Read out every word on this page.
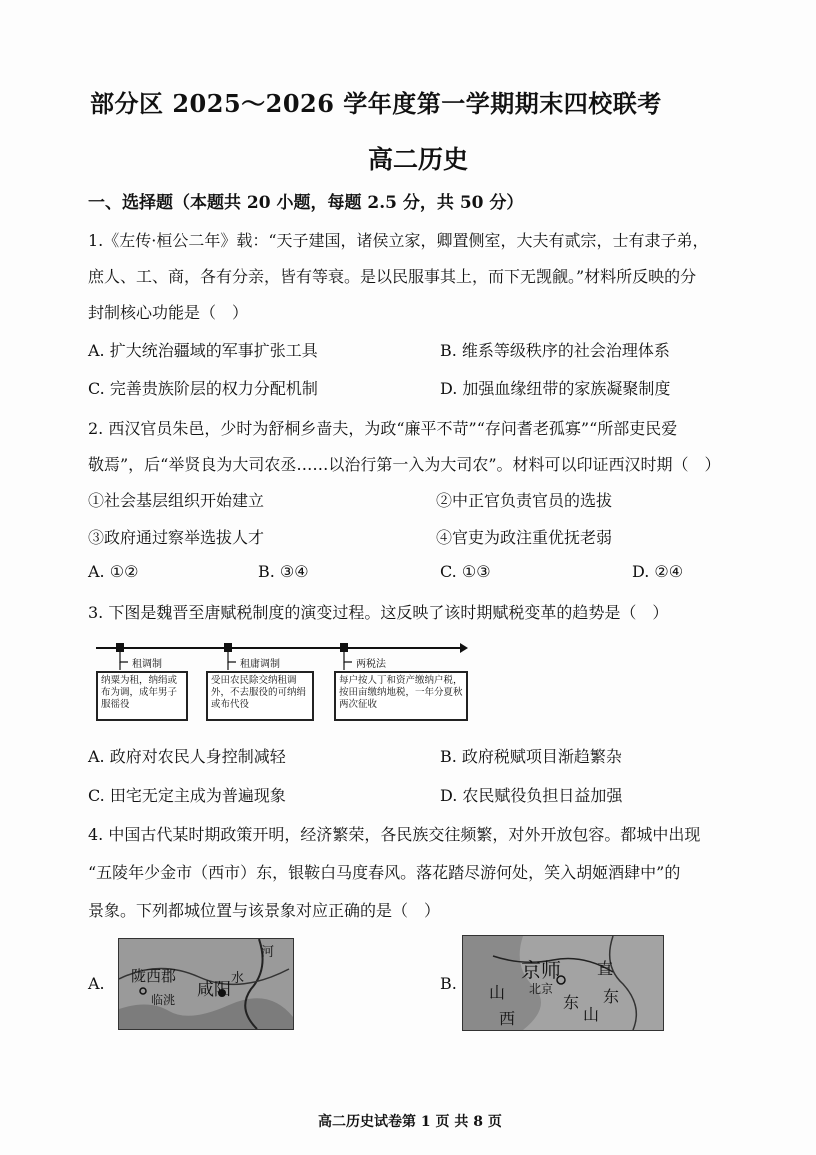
部分区 2025～2026 学年度第一学期期末四校联考
高二历史
一、选择题（本题共 20 小题，每题 2.5 分，共 50 分）
1.《左传·桓公二年》载：“天子建国，诸侯立家，卿置侧室，大夫有贰宗，士有隶子弟，
庶人、工、商，各有分亲，皆有等衰。是以民服事其上，而下无觊觎。”材料所反映的分
封制核心功能是（　）
A. 扩大统治疆域的军事扩张工具	B. 维系等级秩序的社会治理体系
C. 完善贵族阶层的权力分配机制	D. 加强血缘纽带的家族凝聚制度
2. 西汉官员朱邑，少时为舒桐乡啬夫，为政“廉平不苛”“存问耆老孤寡”“所部吏民爱
敬焉”，后“举贤良为大司农丞……以治行第一入为大司农”。材料可以印证西汉时期（　）
①社会基层组织开始建立	②中正官负责官员的选拔
③政府通过察举选拔人才	④官吏为政注重优抚老弱
A. ①②	B. ③④	C. ①③	D. ②④
3. 下图是魏晋至唐赋税制度的演变过程。这反映了该时期赋税变革的趋势是（　）
租调制	租庸调制	两税法
纳粟为租，纳绢或布为调，成年男子服徭役
受田农民除交纳租调外，不去服役的可纳绢或布代役
每户按人丁和资产缴纳户税，按田亩缴纳地税，一年分夏秋两次征收
A. 政府对农民人身控制减轻	B. 政府税赋项目渐趋繁杂
C. 田宅无定主成为普遍现象	D. 农民赋役负担日益加强
4. 中国古代某时期政策开明，经济繁荣，各民族交往频繁，对外开放包容。都城中出现
“五陵年少金市（西市）东，银鞍白马度春风。落花踏尽游何处，笑入胡姬酒肆中”的
景象。下列都城位置与该景象对应正确的是（　）
A. 陇西郡
咸阳
临洮
河
水	B.
京师 直
山 北京
西
东
山
东
高二历史试卷第 1 页 共 8 页
